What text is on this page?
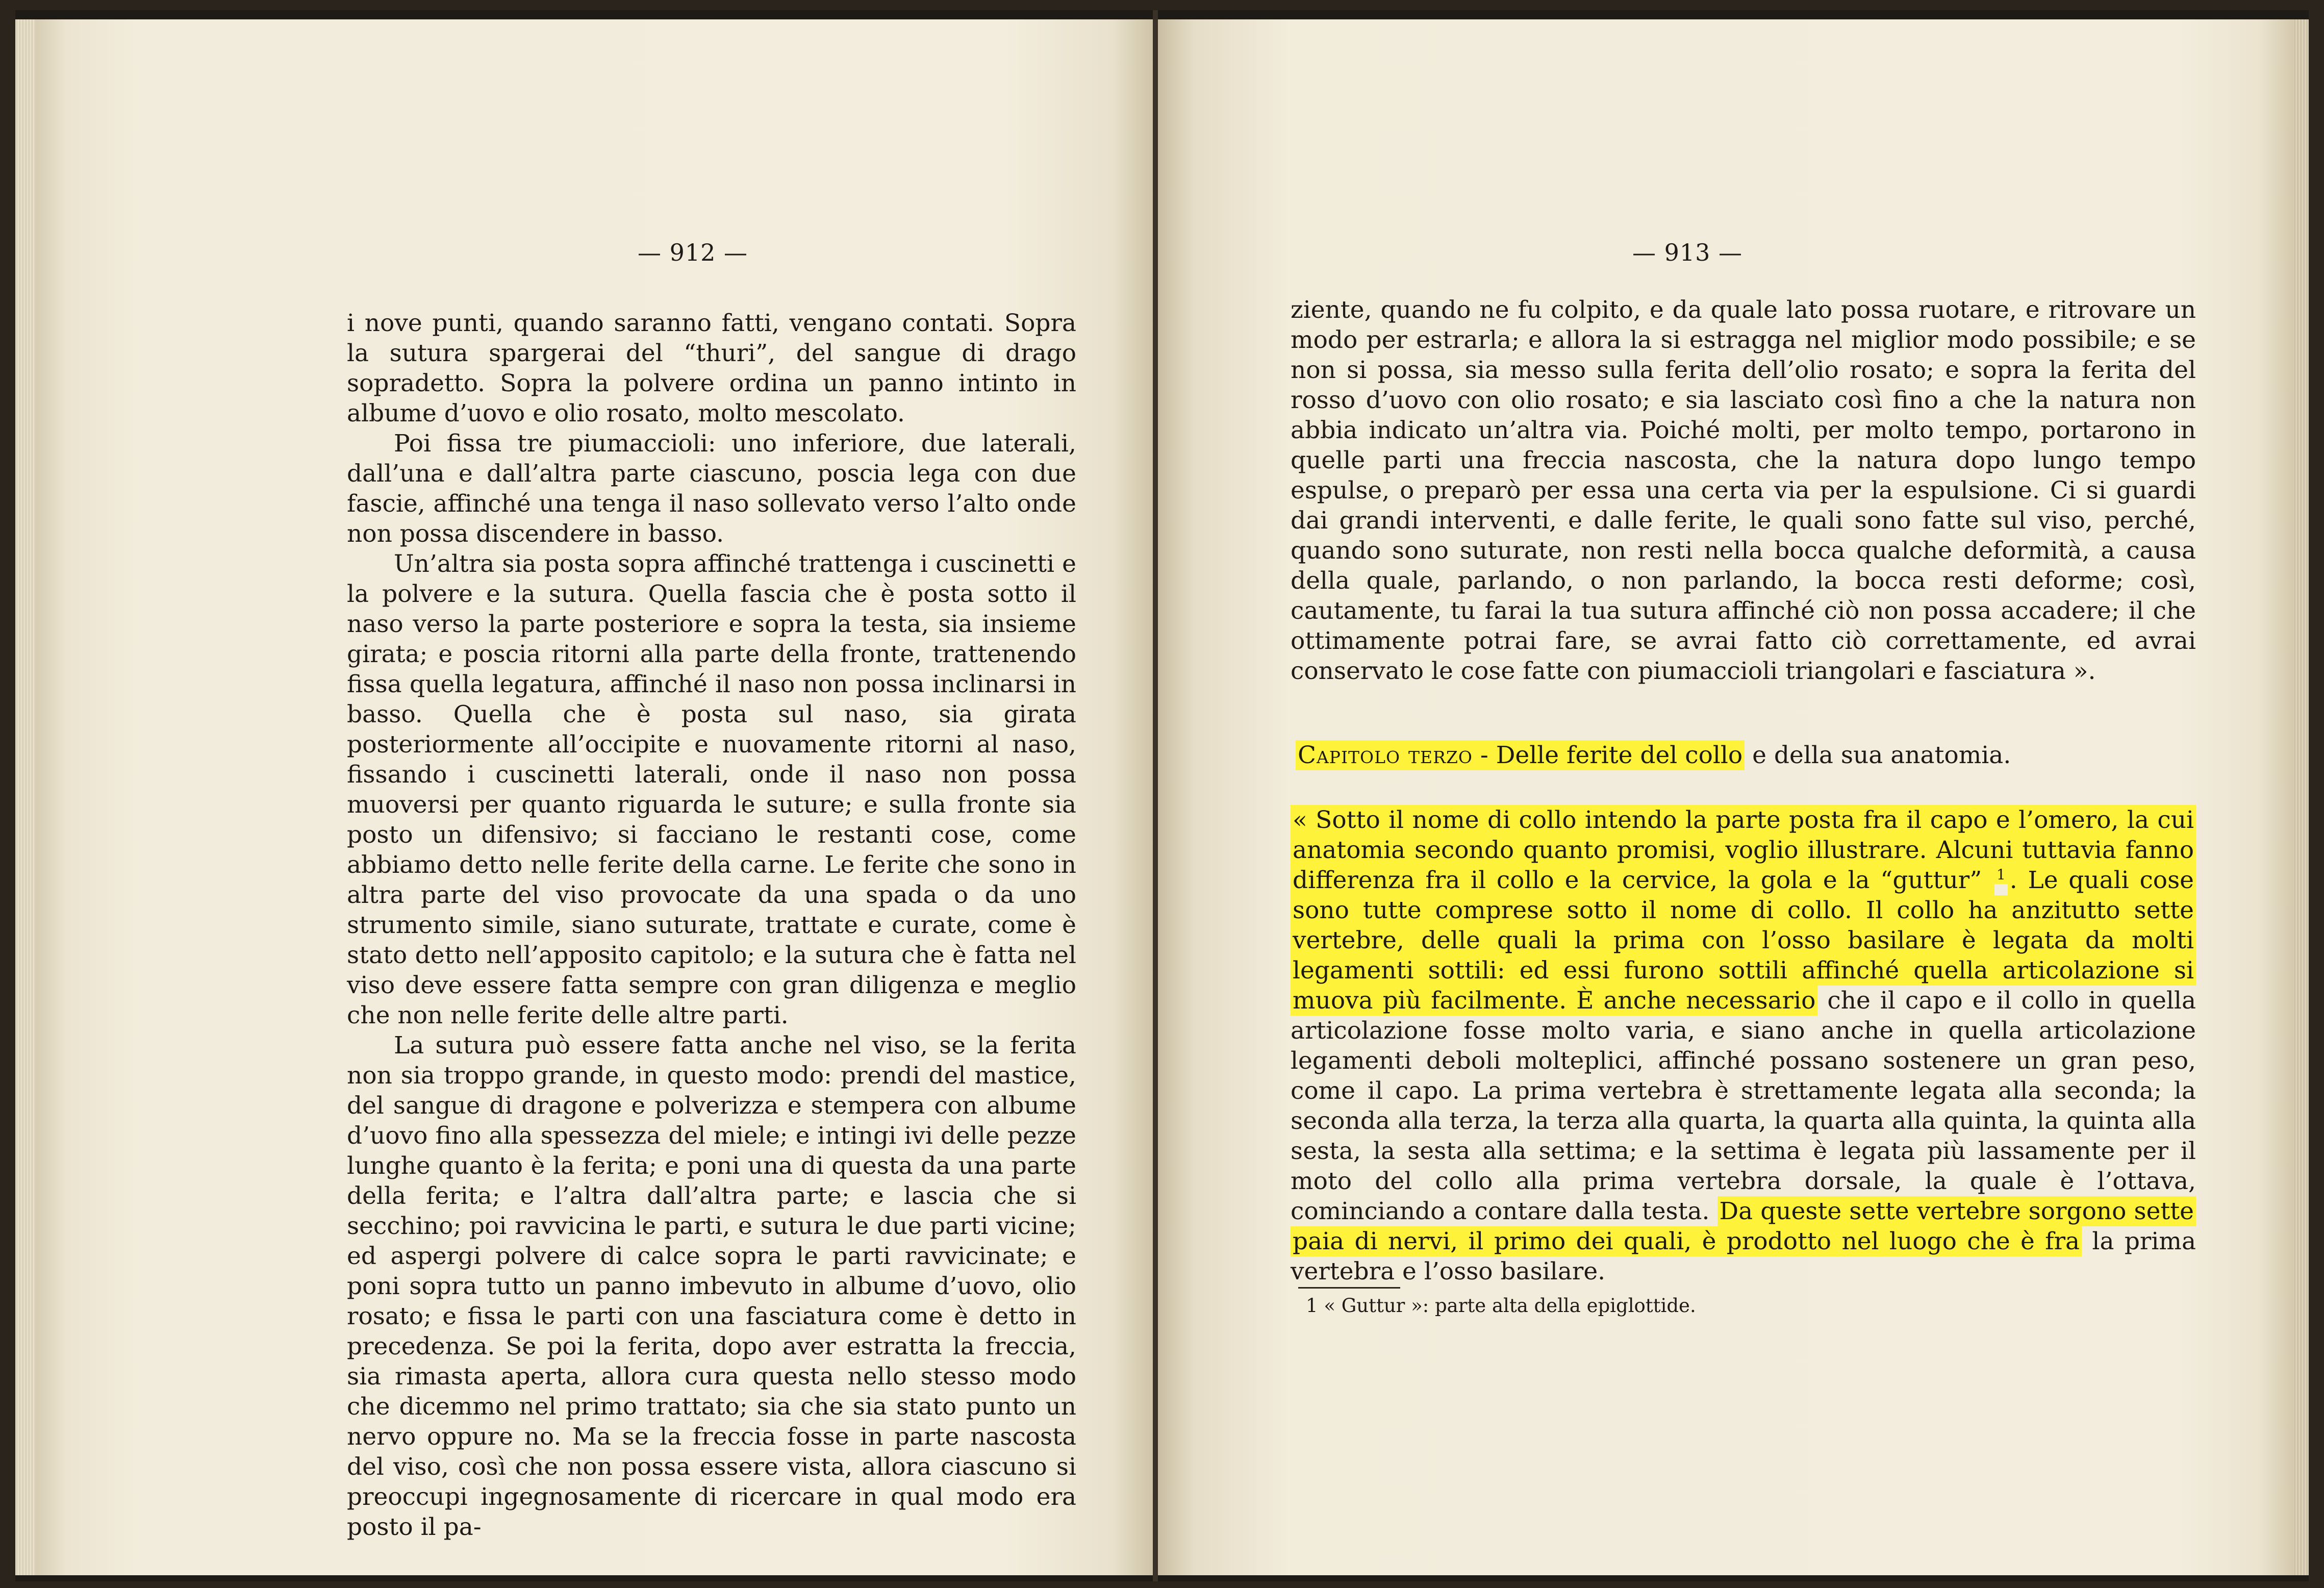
— 912 —

i nove punti, quando saranno fatti, vengano contati. Sopra la sutura spargerai del “thuri”, del sangue di drago sopradetto. Sopra la polvere ordina un panno intinto in albume d’uovo e olio rosato, molto mescolato.

Poi fissa tre piumaccioli: uno inferiore, due laterali, dall’una e dall’altra parte ciascuno, poscia lega con due fascie, affinché una tenga il naso sollevato verso l’alto onde non possa discendere in basso.

Un’altra sia posta sopra affinché trattenga i cuscinetti e la polvere e la sutura. Quella fascia che è posta sotto il naso verso la parte posteriore e sopra la testa, sia insieme girata; e poscia ritorni alla parte della fronte, trattenendo fissa quella legatura, affinché il naso non possa inclinarsi in basso. Quella che è posta sul naso, sia girata posteriormente all’occipite e nuovamente ritorni al naso, fissando i cuscinetti laterali, onde il naso non possa muoversi per quanto riguarda le suture; e sulla fronte sia posto un difensivo; si facciano le restanti cose, come abbiamo detto nelle ferite della carne. Le ferite che sono in altra parte del viso provocate da una spada o da uno strumento simile, siano suturate, trattate e curate, come è stato detto nell’apposito capitolo; e la sutura che è fatta nel viso deve essere fatta sempre con gran diligenza e meglio che non nelle ferite delle altre parti.

La sutura può essere fatta anche nel viso, se la ferita non sia troppo grande, in questo modo: prendi del mastice, del sangue di dragone e polverizza e stempera con albume d’uovo fino alla spessezza del miele; e intingi ivi delle pezze lunghe quanto è la ferita; e poni una di questa da una parte della ferita; e l’altra dall’altra parte; e lascia che si secchino; poi ravvicina le parti, e sutura le due parti vicine; ed aspergi polvere di calce sopra le parti ravvicinate; e poni sopra tutto un panno imbevuto in albume d’uovo, olio rosato; e fissa le parti con una fasciatura come è detto in precedenza. Se poi la ferita, dopo aver estratta la freccia, sia rimasta aperta, allora cura questa nello stesso modo che dicemmo nel primo trattato; sia che sia stato punto un nervo oppure no. Ma se la freccia fosse in parte nascosta del viso, così che non possa essere vista, allora ciascuno si preoccupi ingegnosamente di ricercare in qual modo era posto il pa-

— 913 —

ziente, quando ne fu colpito, e da quale lato possa ruotare, e ritrovare un modo per estrarla; e allora la si estragga nel miglior modo possibile; e se non si possa, sia messo sulla ferita dell’olio rosato; e sopra la ferita del rosso d’uovo con olio rosato; e sia lasciato così fino a che la natura non abbia indicato un’altra via. Poiché molti, per molto tempo, portarono in quelle parti una freccia nascosta, che la natura dopo lungo tempo espulse, o preparò per essa una certa via per la espulsione. Ci si guardi dai grandi interventi, e dalle ferite, le quali sono fatte sul viso, perché, quando sono suturate, non resti nella bocca qualche deformità, a causa della quale, parlando, o non parlando, la bocca resti deforme; così, cautamente, tu farai la tua sutura affinché ciò non possa accadere; il che ottimamente potrai fare, se avrai fatto ciò correttamente, ed avrai conservato le cose fatte con piumaccioli triangolari e fasciatura ».

Capitolo terzo - Delle ferite del collo e della sua anatomia.

« Sotto il nome di collo intendo la parte posta fra il capo e l’omero, la cui anatomia secondo quanto promisi, voglio illustrare. Alcuni tuttavia fanno differenza fra il collo e la cervice, la gola e la “guttur” $^1$ . Le quali cose sono tutte comprese sotto il nome di collo. Il collo ha anzitutto sette vertebre, delle quali la prima con l’osso basilare è legata da molti legamenti sottili: ed essi furono sottili affinché quella articolazione si muova più facilmente. È anche necessario che il capo e il collo in quella articolazione fosse molto varia, e siano anche in quella articolazione legamenti deboli molteplici, affinché possano sostenere un gran peso, come il capo. La prima vertebra è strettamente legata alla seconda; la seconda alla terza, la terza alla quarta, la quarta alla quinta, la quinta alla sesta, la sesta alla settima; e la settima è legata più lassamente per il moto del collo alla prima vertebra dorsale, la quale è l’ottava, cominciando a contare dalla testa. Da queste sette vertebre sorgono sette paia di nervi, il primo dei quali, è prodotto nel luogo che è fra la prima vertebra e l’osso basilare.

1 « Guttur »: parte alta della epiglottide.
